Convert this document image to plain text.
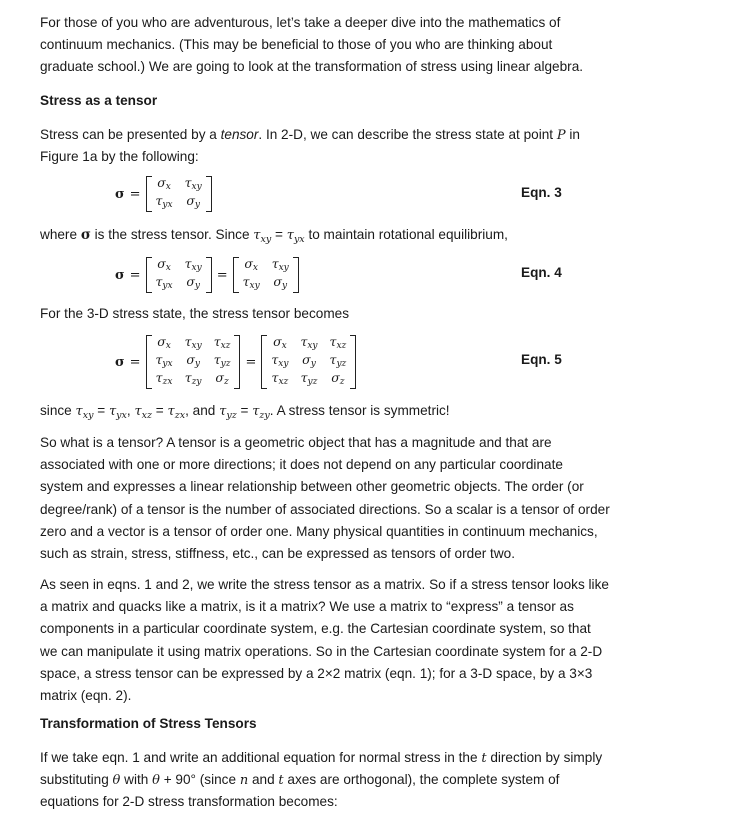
For those of you who are adventurous, let’s take a deeper dive into the mathematics of
continuum mechanics. (This may be beneficial to those of you who are thinking about
graduate school.) We are going to look at the transformation of stress using linear algebra.
Stress as a tensor
Stress can be presented by a tensor. In 2-D, we can describe the stress state at point P in
Figure 1a by the following:
σ =
$\sigma_x$	$\tau_{xy}$
$\tau_{yx}$	$\sigma_y$
Eqn. 3
where σ is the stress tensor. Since $\tau_{xy} = \tau_{yx}$ to maintain rotational equilibrium,
σ =
$\sigma_x$	$\tau_{xy}$
$\tau_{yx}$	$\sigma_y$
=
$\sigma_x$	$\tau_{xy}$
$\tau_{xy}$	$\sigma_y$
Eqn. 4
For the 3-D stress state, the stress tensor becomes
σ =
$\sigma_x$	$\tau_{xy}$	$\tau_{xz}$
$\tau_{yx}$	$\sigma_y$	$\tau_{yz}$
$\tau_{zx}$	$\tau_{zy}$	$\sigma_z$
=
$\sigma_x$	$\tau_{xy}$	$\tau_{xz}$
$\tau_{xy}$	$\sigma_y$	$\tau_{yz}$
$\tau_{xz}$	$\tau_{yz}$	$\sigma_z$
Eqn. 5
since $\tau_{xy} = \tau_{yx}$, $\tau_{xz} = \tau_{zx}$, and $\tau_{yz} = \tau_{zy}$. A stress tensor is symmetric!
So what is a tensor? A tensor is a geometric object that has a magnitude and that are
associated with one or more directions; it does not depend on any particular coordinate
system and expresses a linear relationship between other geometric objects. The order (or
degree/rank) of a tensor is the number of associated directions. So a scalar is a tensor of order
zero and a vector is a tensor of order one. Many physical quantities in continuum mechanics,
such as strain, stress, stiffness, etc., can be expressed as tensors of order two.
As seen in eqns. 1 and 2, we write the stress tensor as a matrix. So if a stress tensor looks like
a matrix and quacks like a matrix, is it a matrix? We use a matrix to “express” a tensor as
components in a particular coordinate system, e.g. the Cartesian coordinate system, so that
we can manipulate it using matrix operations. So in the Cartesian coordinate system for a 2-D
space, a stress tensor can be expressed by a 2×2 matrix (eqn. 1); for a 3-D space, by a 3×3
matrix (eqn. 2).
Transformation of Stress Tensors
If we take eqn. 1 and write an additional equation for normal stress in the t direction by simply
substituting θ with θ + 90° (since n and t axes are orthogonal), the complete system of
equations for 2-D stress transformation becomes:
